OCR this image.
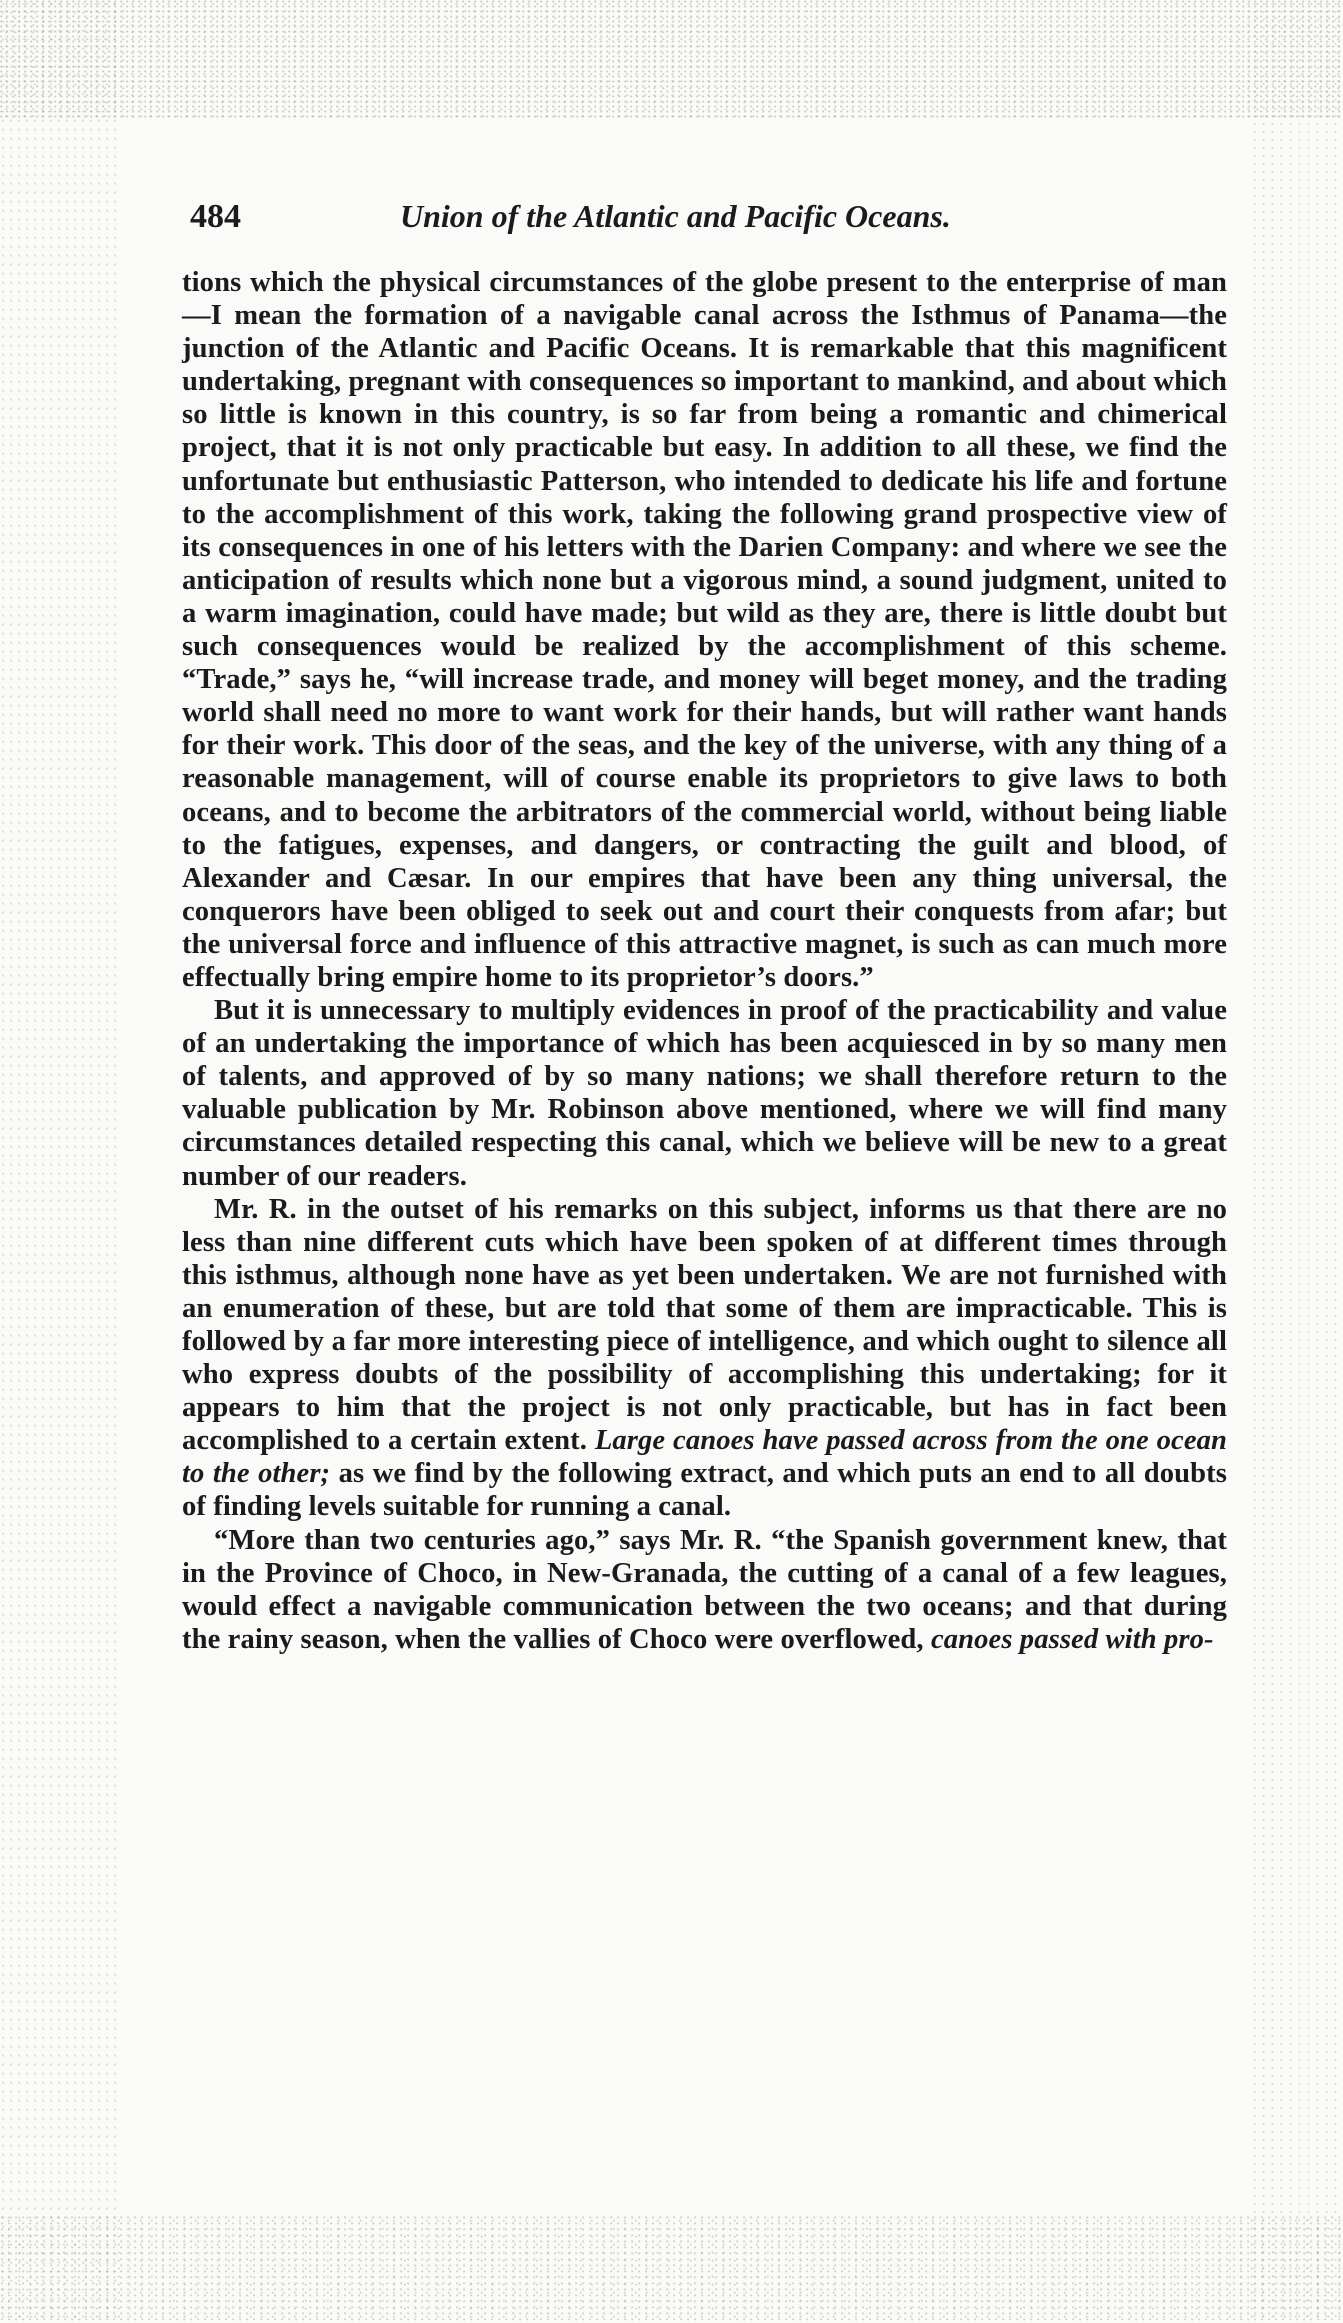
484	Union of the Atlantic and Pacific Oceans.

tions which the physical circumstances of the globe present to the enterprise of man—I mean the formation of a navigable canal across the Isthmus of Panama—the junction of the Atlantic and Pacific Oceans. It is remarkable that this magnificent undertaking, pregnant with consequences so important to mankind, and about which so little is known in this country, is so far from being a romantic and chimerical project, that it is not only practicable but easy. In addition to all these, we find the unfortunate but enthusiastic Patterson, who intended to dedicate his life and fortune to the accomplishment of this work, taking the following grand prospective view of its consequences in one of his letters with the Darien Company: and where we see the anticipation of results which none but a vigorous mind, a sound judgment, united to a warm imagination, could have made; but wild as they are, there is little doubt but such consequences would be realized by the accomplishment of this scheme. “Trade,” says he, “will increase trade, and money will beget money, and the trading world shall need no more to want work for their hands, but will rather want hands for their work. This door of the seas, and the key of the universe, with any thing of a reasonable management, will of course enable its proprietors to give laws to both oceans, and to become the arbitrators of the commercial world, without being liable to the fatigues, expenses, and dangers, or contracting the guilt and blood, of Alexander and Cæsar. In our empires that have been any thing universal, the conquerors have been obliged to seek out and court their conquests from afar; but the universal force and influence of this attractive magnet, is such as can much more effectually bring empire home to its proprietor’s doors.”

But it is unnecessary to multiply evidences in proof of the practicability and value of an undertaking the importance of which has been acquiesced in by so many men of talents, and approved of by so many nations; we shall therefore return to the valuable publication by Mr. Robinson above mentioned, where we will find many circumstances detailed respecting this canal, which we believe will be new to a great number of our readers.

Mr. R. in the outset of his remarks on this subject, informs us that there are no less than nine different cuts which have been spoken of at different times through this isthmus, although none have as yet been undertaken. We are not furnished with an enumeration of these, but are told that some of them are impracticable. This is followed by a far more interesting piece of intelligence, and which ought to silence all who express doubts of the possibility of accomplishing this undertaking; for it appears to him that the project is not only practicable, but has in fact been accomplished to a certain extent. Large canoes have passed across from the one ocean to the other; as we find by the following extract, and which puts an end to all doubts of finding levels suitable for running a canal.

“More than two centuries ago,” says Mr. R. “the Spanish government knew, that in the Province of Choco, in New-Granada, the cutting of a canal of a few leagues, would effect a navigable communication between the two oceans; and that during the rainy season, when the vallies of Choco were overflowed, canoes passed with pro-
